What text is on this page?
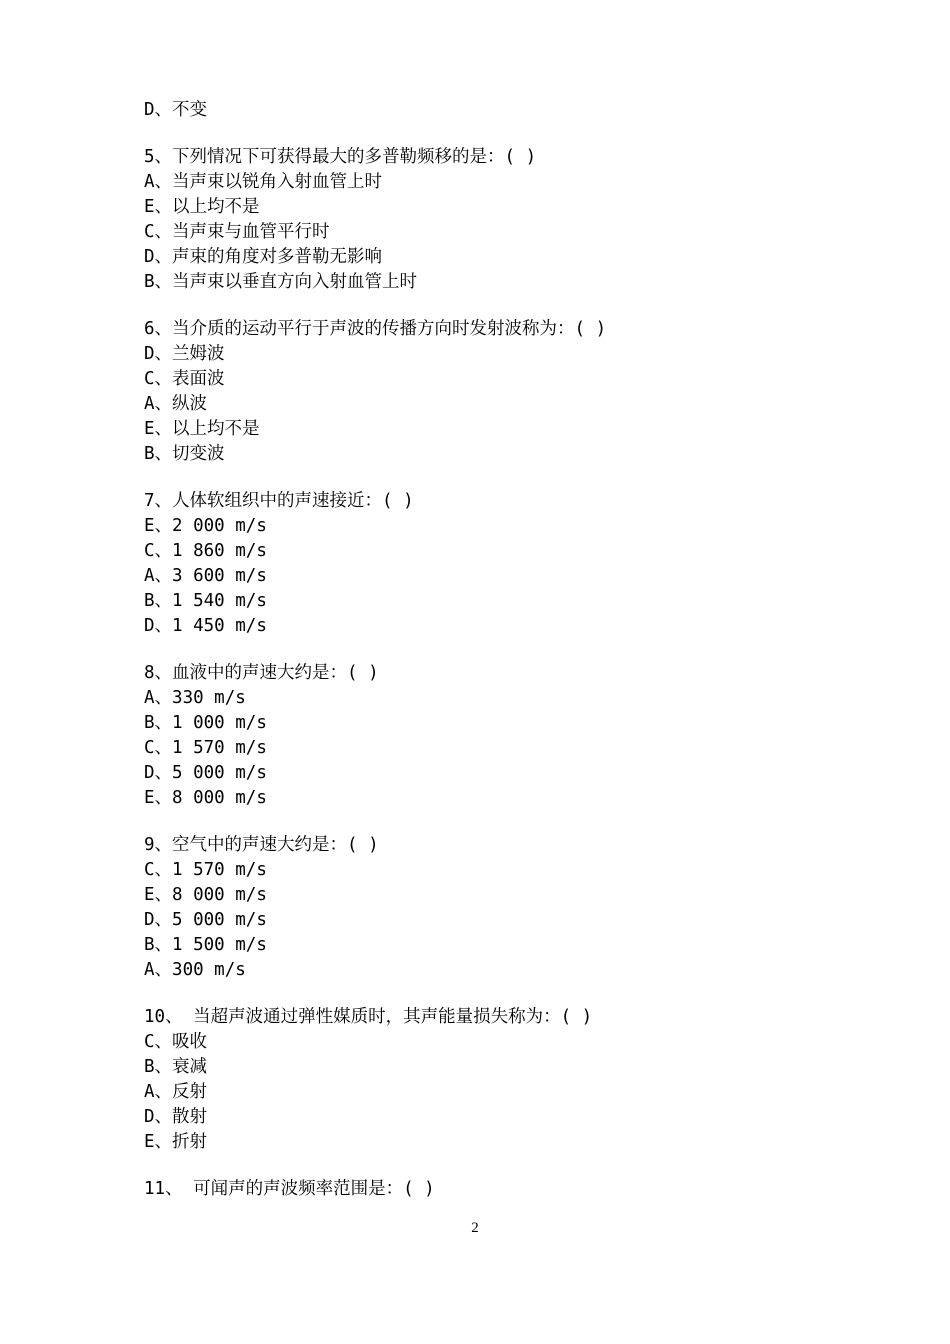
D、不变
5、下列情况下可获得最大的多普勒频移的是：( )
A、当声束以锐角入射血管上时
E、以上均不是
C、当声束与血管平行时
D、声束的角度对多普勒无影响
B、当声束以垂直方向入射血管上时
6、当介质的运动平行于声波的传播方向时发射波称为：( )
D、兰姆波
C、表面波
A、纵波
E、以上均不是
B、切变波
7、人体软组织中的声速接近：( )
E、2 000 m/s
C、1 860 m/s
A、3 600 m/s
B、1 540 m/s
D、1 450 m/s
8、血液中的声速大约是：( )
A、330 m/s
B、1 000 m/s
C、1 570 m/s
D、5 000 m/s
E、8 000 m/s
9、空气中的声速大约是：( )
C、1 570 m/s
E、8 000 m/s
D、5 000 m/s
B、1 500 m/s
A、300 m/s
10、 当超声波通过弹性媒质时，其声能量损失称为：( )
C、吸收
B、衰减
A、反射
D、散射
E、折射
11、 可闻声的声波频率范围是：( )
2
